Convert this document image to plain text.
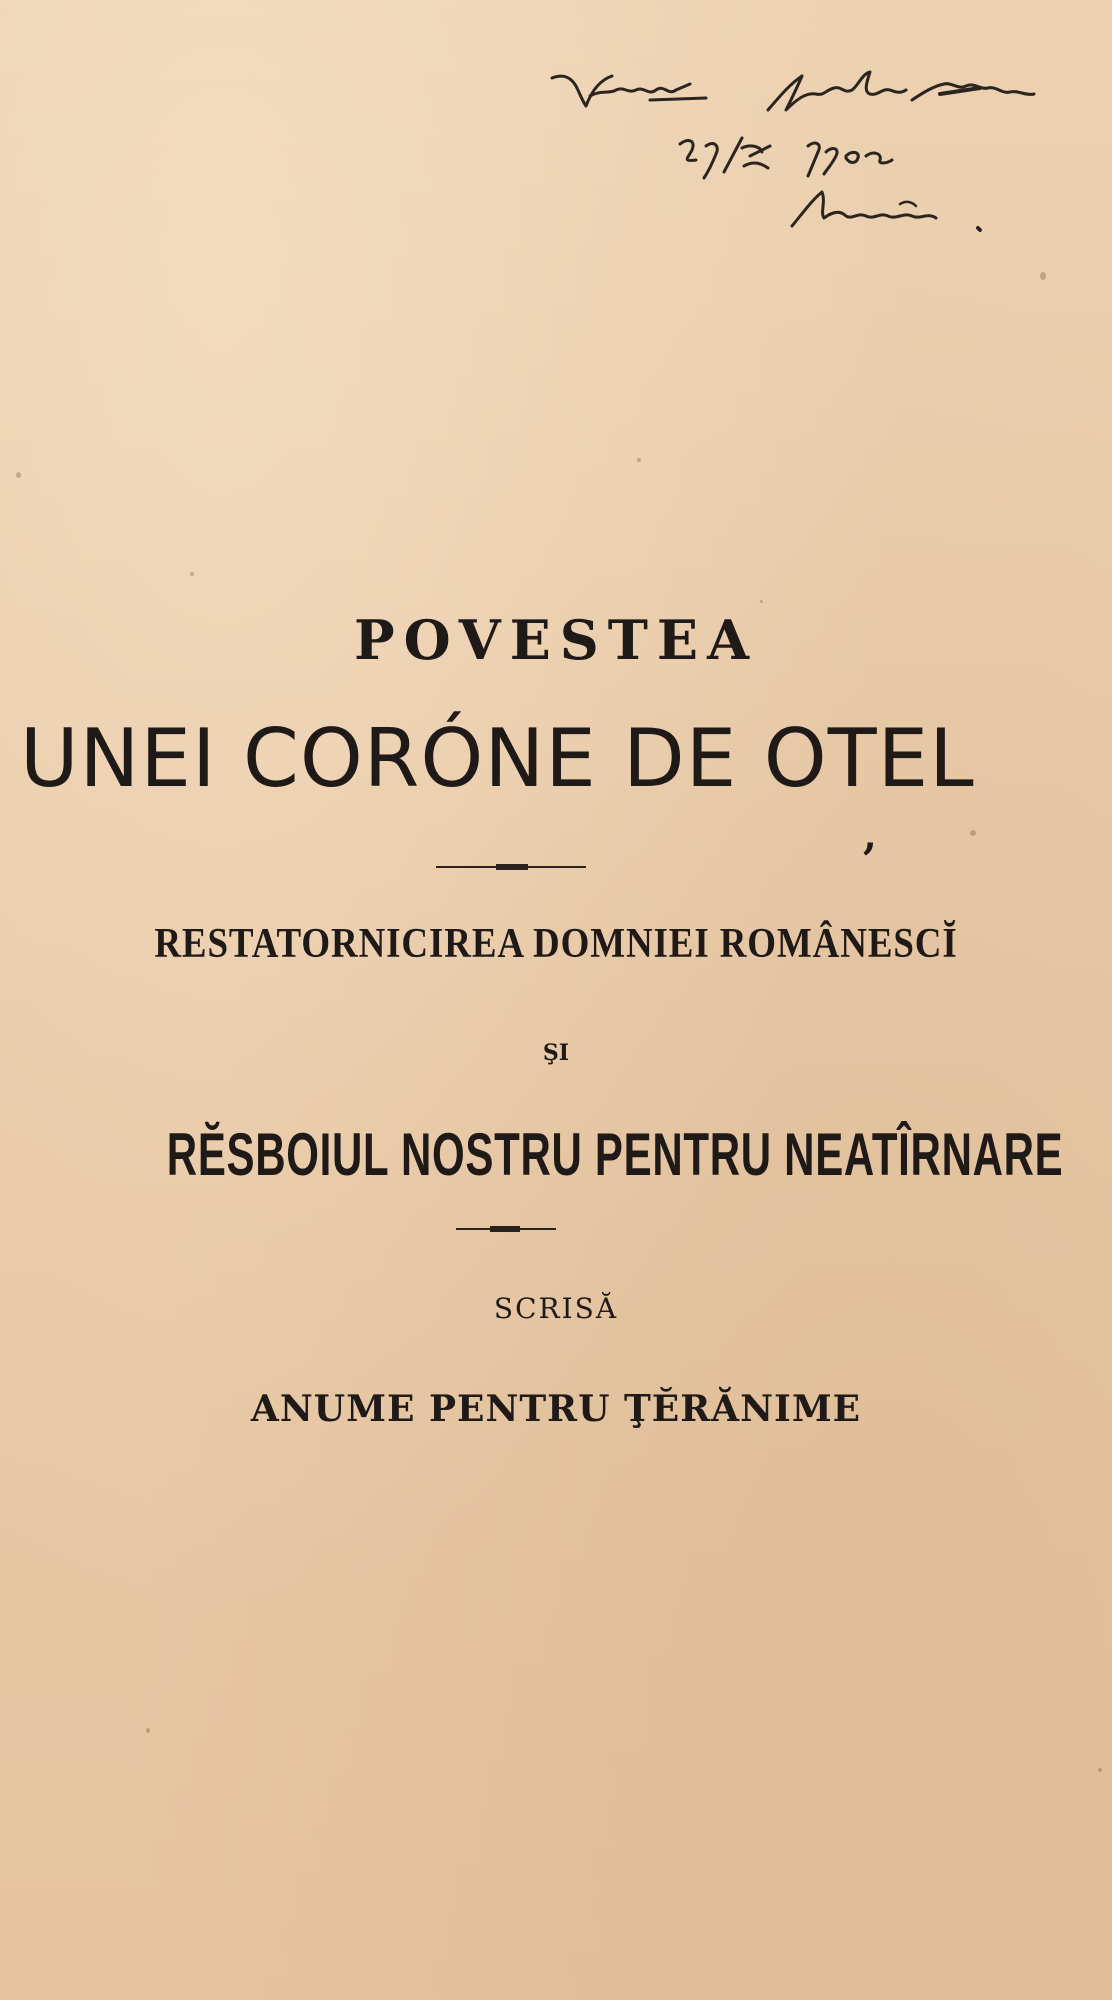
POVESTEA
UNEI CORÓNE DE OTEL
,
RESTATORNICIREA DOMNIEI ROMÂNESCĬ
ŞI
RĔSBOIUL NOSTRU PENTRU NEATÎRNARE
SCRISĂ
ANUME PENTRU ŢĔRĂNIME
